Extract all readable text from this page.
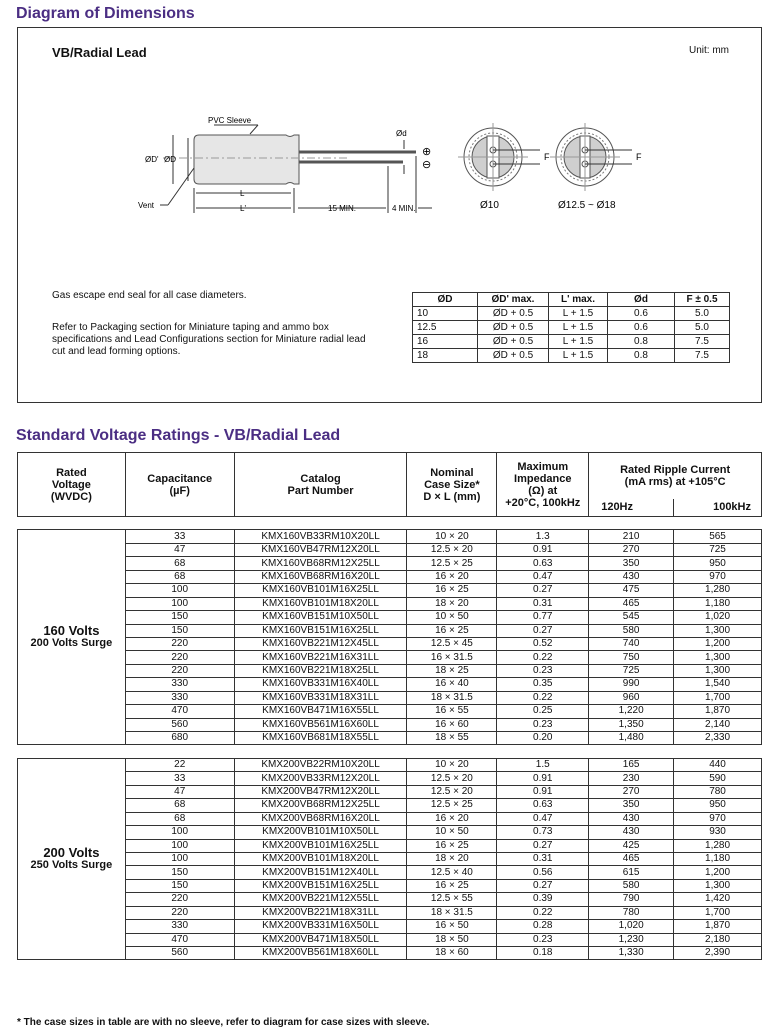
Diagram of Dimensions
VB/Radial Lead	Unit: mm
PVC Sleeve
Vent
ØD' ØD
Ød
L
L'	15 MIN.	4 MIN.
⊕
⊖
Ø10
F
Ø12.5 ~ Ø18
F
Gas escape end seal for all case diameters.
Refer to Packaging section for Miniature taping and ammo box specifications and Lead Configurations section for Miniature radial lead cut and lead forming options.
ØD	ØD' max.	L' max.	Ød	F ± 0.5
10	ØD + 0.5	L + 1.5	0.6	5.0
12.5	ØD + 0.5	L + 1.5	0.6	5.0
16	ØD + 0.5	L + 1.5	0.8	7.5
18	ØD + 0.5	L + 1.5	0.8	7.5
Standard Voltage Ratings - VB/Radial Lead
Rated
Voltage
(WVDC)	Capacitance
(µF)	Catalog
Part Number	Nominal
Case Size*
D × L (mm)	Maximum
Impedance
(Ω) at
+20°C, 100kHz	Rated Ripple Current
(mA rms) at +105°C	
					120Hz	100kHz

160 Volts
200 Volts Surge	33	KMX160VB33RM10X20LL	10 × 20	1.3	210	565
	47	KMX160VB47RM12X20LL	12.5 × 20	0.91	270	725
	68	KMX160VB68RM12X25LL	12.5 × 25	0.63	350	950
	68	KMX160VB68RM16X20LL	16 × 20	0.47	430	970
	100	KMX160VB101M16X25LL	16 × 25	0.27	475	1,280
	100	KMX160VB101M18X20LL	18 × 20	0.31	465	1,180
	150	KMX160VB151M10X50LL	10 × 50	0.77	545	1,020
	150	KMX160VB151M16X25LL	16 × 25	0.27	580	1,300
	220	KMX160VB221M12X45LL	12.5 × 45	0.52	740	1,200
	220	KMX160VB221M16X31LL	16 × 31.5	0.22	750	1,300
	220	KMX160VB221M18X25LL	18 × 25	0.23	725	1,300
	330	KMX160VB331M16X40LL	16 × 40	0.35	990	1,540
	330	KMX160VB331M18X31LL	18 × 31.5	0.22	960	1,700
	470	KMX160VB471M16X55LL	16 × 55	0.25	1,220	1,870
	560	KMX160VB561M16X60LL	16 × 60	0.23	1,350	2,140
	680	KMX160VB681M18X55LL	18 × 55	0.20	1,480	2,330

200 Volts
250 Volts Surge	22	KMX200VB22RM10X20LL	10 × 20	1.5	165	440
	33	KMX200VB33RM12X20LL	12.5 × 20	0.91	230	590
	47	KMX200VB47RM12X20LL	12.5 × 20	0.91	270	780
	68	KMX200VB68RM12X25LL	12.5 × 25	0.63	350	950
	68	KMX200VB68RM16X20LL	16 × 20	0.47	430	970
	100	KMX200VB101M10X50LL	10 × 50	0.73	430	930
	100	KMX200VB101M16X25LL	16 × 25	0.27	425	1,280
	100	KMX200VB101M18X20LL	18 × 20	0.31	465	1,180
	150	KMX200VB151M12X40LL	12.5 × 40	0.56	615	1,200
	150	KMX200VB151M16X25LL	16 × 25	0.27	580	1,300
	220	KMX200VB221M12X55LL	12.5 × 55	0.39	790	1,420
	220	KMX200VB221M18X31LL	18 × 31.5	0.22	780	1,700
	330	KMX200VB331M16X50LL	16 × 50	0.28	1,020	1,870
	470	KMX200VB471M18X50LL	18 × 50	0.23	1,230	2,180
	560	KMX200VB561M18X60LL	18 × 60	0.18	1,330	2,390
* The case sizes in table are with no sleeve, refer to diagram for case sizes with sleeve.
